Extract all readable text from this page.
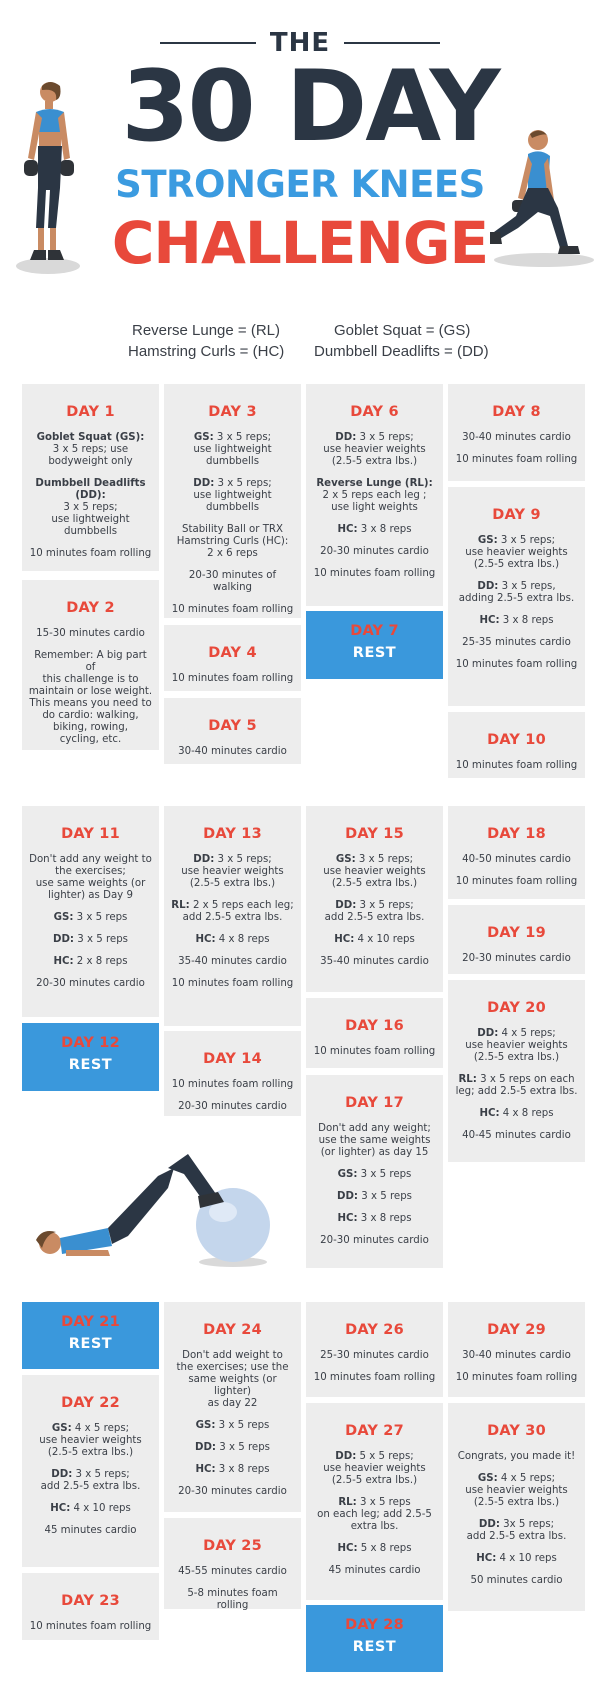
THE
30 DAY
STRONGER KNEES
CHALLENGE
Reverse Lunge = (RL)	Goblet Squat = (GS)
Hamstring Curls = (HC) Dumbbell Deadlifts = (DD)
DAY 1
Goblet Squat (GS):
3 x 5 reps; use
bodyweight only
Dumbbell Deadlifts (DD):
3 x 5 reps;
use lightweight
dumbbells
10 minutes foam rolling
DAY 2
15-30 minutes cardio
Remember: A big part of
this challenge is to
maintain or lose weight.
This means you need to
do cardio: walking,
biking, rowing,
cycling, etc.
DAY 3
GS: 3 x 5 reps;
use lightweight
dumbbells
DD: 3 x 5 reps;
use lightweight
dumbbells
Stability Ball or TRX
Hamstring Curls (HC):
2 x 6 reps
20-30 minutes of walking
10 minutes foam rolling
DAY 4
10 minutes foam rolling
DAY 5
30-40 minutes cardio
DAY 6
DD: 3 x 5 reps;
use heavier weights
(2.5-5 extra lbs.)
Reverse Lunge (RL):
2 x 5 reps each leg ;
use light weights
HC: 3 x 8 reps
20-30 minutes cardio
10 minutes foam rolling
DAY 7
REST
DAY 8
30-40 minutes cardio
10 minutes foam rolling
DAY 9
GS: 3 x 5 reps;
use heavier weights
(2.5-5 extra lbs.)
DD: 3 x 5 reps,
adding 2.5-5 extra lbs.
HC: 3 x 8 reps
25-35 minutes cardio
10 minutes foam rolling
DAY 10
10 minutes foam rolling
DAY 11
Don't add any weight to
the exercises;
use same weights (or
lighter) as Day 9
GS: 3 x 5 reps
DD: 3 x 5 reps
HC: 2 x 8 reps
20-30 minutes cardio
DAY 12
REST
DAY 13
DD: 3 x 5 reps;
use heavier weights
(2.5-5 extra lbs.)
RL: 2 x 5 reps each leg;
add 2.5-5 extra lbs.
HC: 4 x 8 reps
35-40 minutes cardio
10 minutes foam rolling
DAY 14
10 minutes foam rolling
20-30 minutes cardio
DAY 15
GS: 3 x 5 reps;
use heavier weights
(2.5-5 extra lbs.)
DD: 3 x 5 reps;
add 2.5-5 extra lbs.
HC: 4 x 10 reps
35-40 minutes cardio
DAY 16
10 minutes foam rolling
DAY 17
Don't add any weight;
use the same weights
(or lighter) as day 15
GS: 3 x 5 reps
DD: 3 x 5 reps
HC: 3 x 8 reps
20-30 minutes cardio
DAY 18
40-50 minutes cardio
10 minutes foam rolling
DAY 19
20-30 minutes cardio
DAY 20
DD: 4 x 5 reps;
use heavier weights
(2.5-5 extra lbs.)
RL: 3 x 5 reps on each
leg; add 2.5-5 extra lbs.
HC: 4 x 8 reps
40-45 minutes cardio
DAY 21
REST
DAY 22
GS: 4 x 5 reps;
use heavier weights
(2.5-5 extra lbs.)
DD: 3 x 5 reps;
add 2.5-5 extra lbs.
HC: 4 x 10 reps
45 minutes cardio
DAY 23
10 minutes foam rolling
DAY 24
Don't add weight to
the exercises; use the
same weights (or lighter)
as day 22
GS: 3 x 5 reps
DD: 3 x 5 reps
HC: 3 x 8 reps
20-30 minutes cardio
DAY 25
45-55 minutes cardio
5-8 minutes foam rolling
DAY 26
25-30 minutes cardio
10 minutes foam rolling
DAY 27
DD: 5 x 5 reps;
use heavier weights
(2.5-5 extra lbs.)
RL: 3 x 5 reps
on each leg; add 2.5-5
extra lbs.
HC: 5 x 8 reps
45 minutes cardio
DAY 28
REST
DAY 29
30-40 minutes cardio
10 minutes foam rolling
DAY 30
Congrats, you made it!
GS: 4 x 5 reps;
use heavier weights
(2.5-5 extra lbs.)
DD: 3x 5 reps;
add 2.5-5 extra lbs.
HC: 4 x 10 reps
50 minutes cardio
